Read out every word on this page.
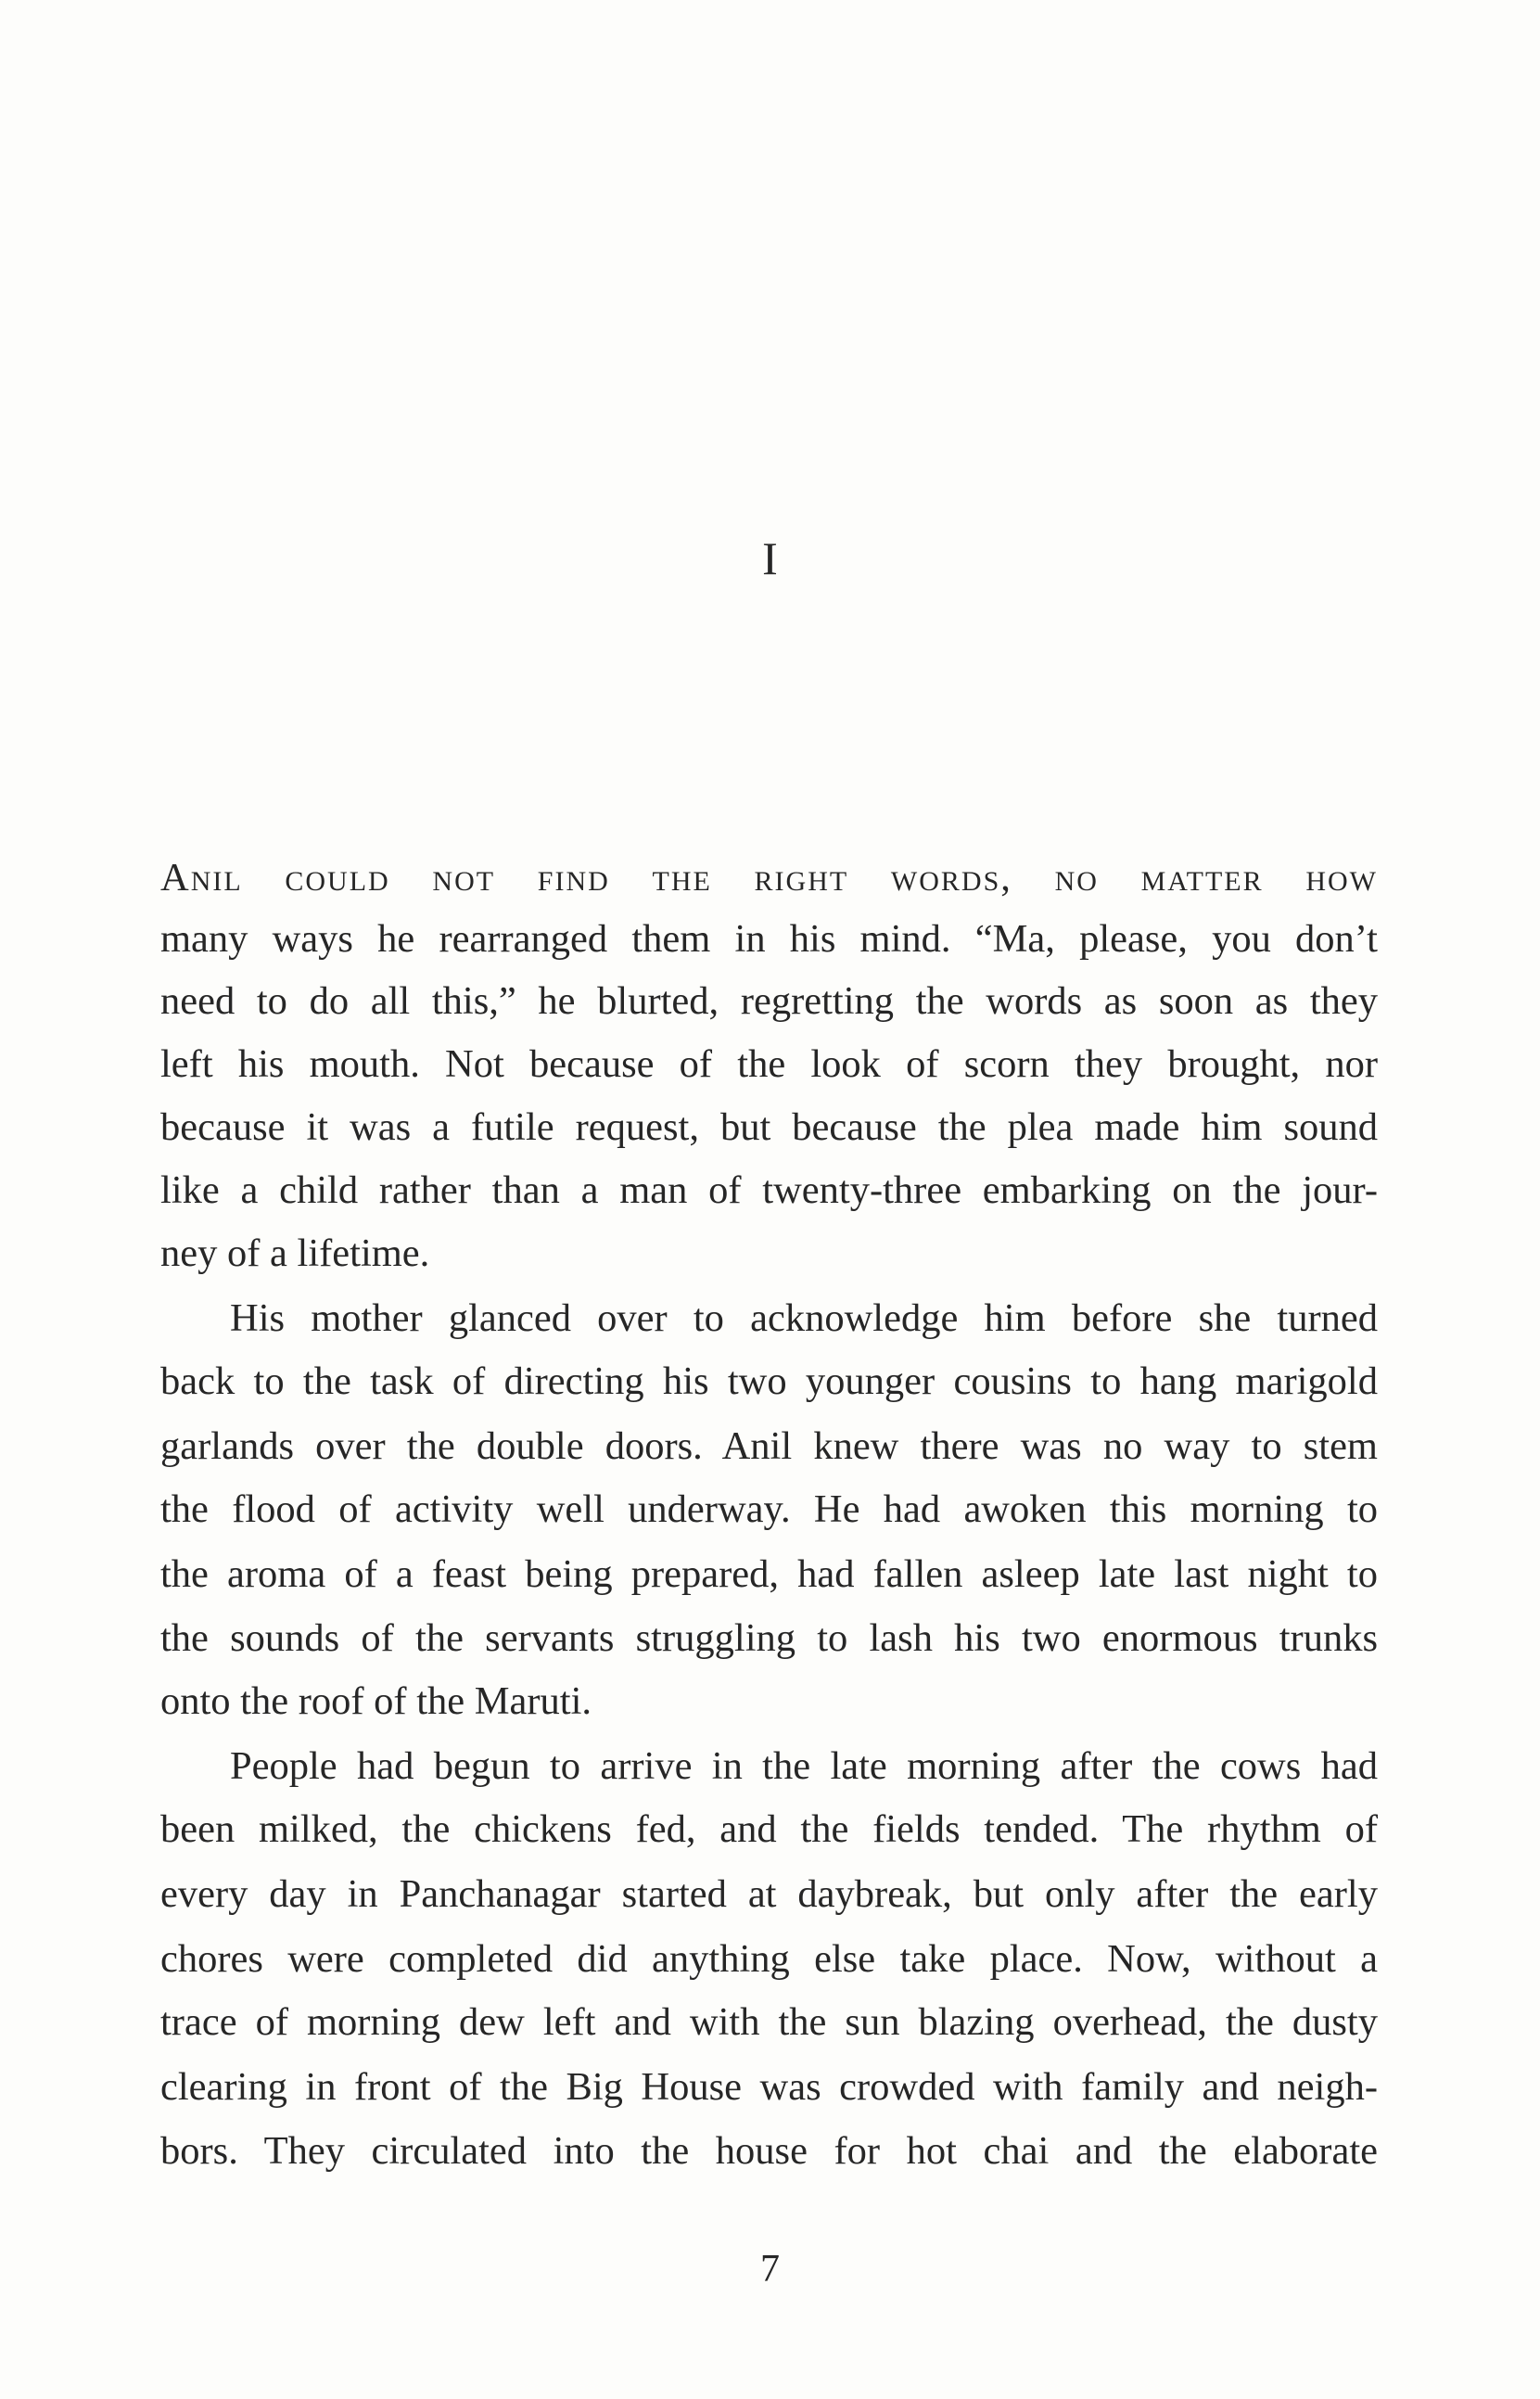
I
Anil could not find the right words, no matter how
many ways he rearranged them in his mind. “Ma, please, you don’t
need to do all this,” he blurted, regretting the words as soon as they
left his mouth. Not because of the look of scorn they brought, nor
because it was a futile request, but because the plea made him sound
like a child rather than a man of twenty-three embarking on the jour-
ney of a lifetime.
His mother glanced over to acknowledge him before she turned
back to the task of directing his two younger cousins to hang marigold
garlands over the double doors. Anil knew there was no way to stem
the flood of activity well underway. He had awoken this morning to
the aroma of a feast being prepared, had fallen asleep late last night to
the sounds of the servants struggling to lash his two enormous trunks
onto the roof of the Maruti.
People had begun to arrive in the late morning after the cows had
been milked, the chickens fed, and the fields tended. The rhythm of
every day in Panchanagar started at daybreak, but only after the early
chores were completed did anything else take place. Now, without a
trace of morning dew left and with the sun blazing overhead, the dusty
clearing in front of the Big House was crowded with family and neigh-
bors. They circulated into the house for hot chai and the elaborate
7
